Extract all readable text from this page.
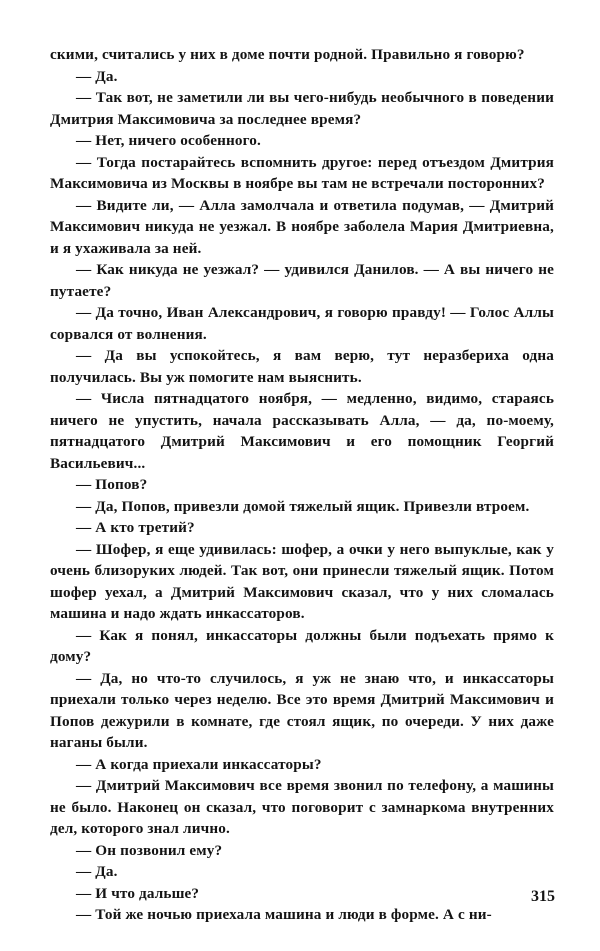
скими, считались у них в доме почти родной. Правильно я говорю?

— Да.

— Так вот, не заметили ли вы чего-нибудь необычного в поведении Дмитрия Максимовича за последнее время?

— Нет, ничего особенного.

— Тогда постарайтесь вспомнить другое: перед отъездом Дмитрия Максимовича из Москвы в ноябре вы там не встречали посторонних?

— Видите ли, — Алла замолчала и ответила подумав, — Дмитрий Максимович никуда не уезжал. В ноябре заболела Мария Дмитриевна, и я ухаживала за ней.

— Как никуда не уезжал? — удивился Данилов. — А вы ничего не путаете?

— Да точно, Иван Александрович, я говорю правду! — Голос Аллы сорвался от волнения.

— Да вы успокойтесь, я вам верю, тут неразбериха одна получилась. Вы уж помогите нам выяснить.

— Числа пятнадцатого ноября, — медленно, видимо, стараясь ничего не упустить, начала рассказывать Алла, — да, по-моему, пятнадцатого Дмитрий Максимович и его помощник Георгий Васильевич...

— Попов?

— Да, Попов, привезли домой тяжелый ящик. Привезли втроем.

— А кто третий?

— Шофер, я еще удивилась: шофер, а очки у него выпуклые, как у очень близоруких людей. Так вот, они принесли тяжелый ящик. Потом шофер уехал, а Дмитрий Максимович сказал, что у них сломалась машина и надо ждать инкассаторов.

— Как я понял, инкассаторы должны были подъехать прямо к дому?

— Да, но что-то случилось, я уж не знаю что, и инкассаторы приехали только через неделю. Все это время Дмитрий Максимович и Попов дежурили в комнате, где стоял ящик, по очереди. У них даже наганы были.

— А когда приехали инкассаторы?

— Дмитрий Максимович все время звонил по телефону, а машины не было. Наконец он сказал, что поговорит с замнаркома внутренних дел, которого знал лично.

— Он позвонил ему?

— Да.

— И что дальше?

— Той же ночью приехала машина и люди в форме. А с ни-

315
